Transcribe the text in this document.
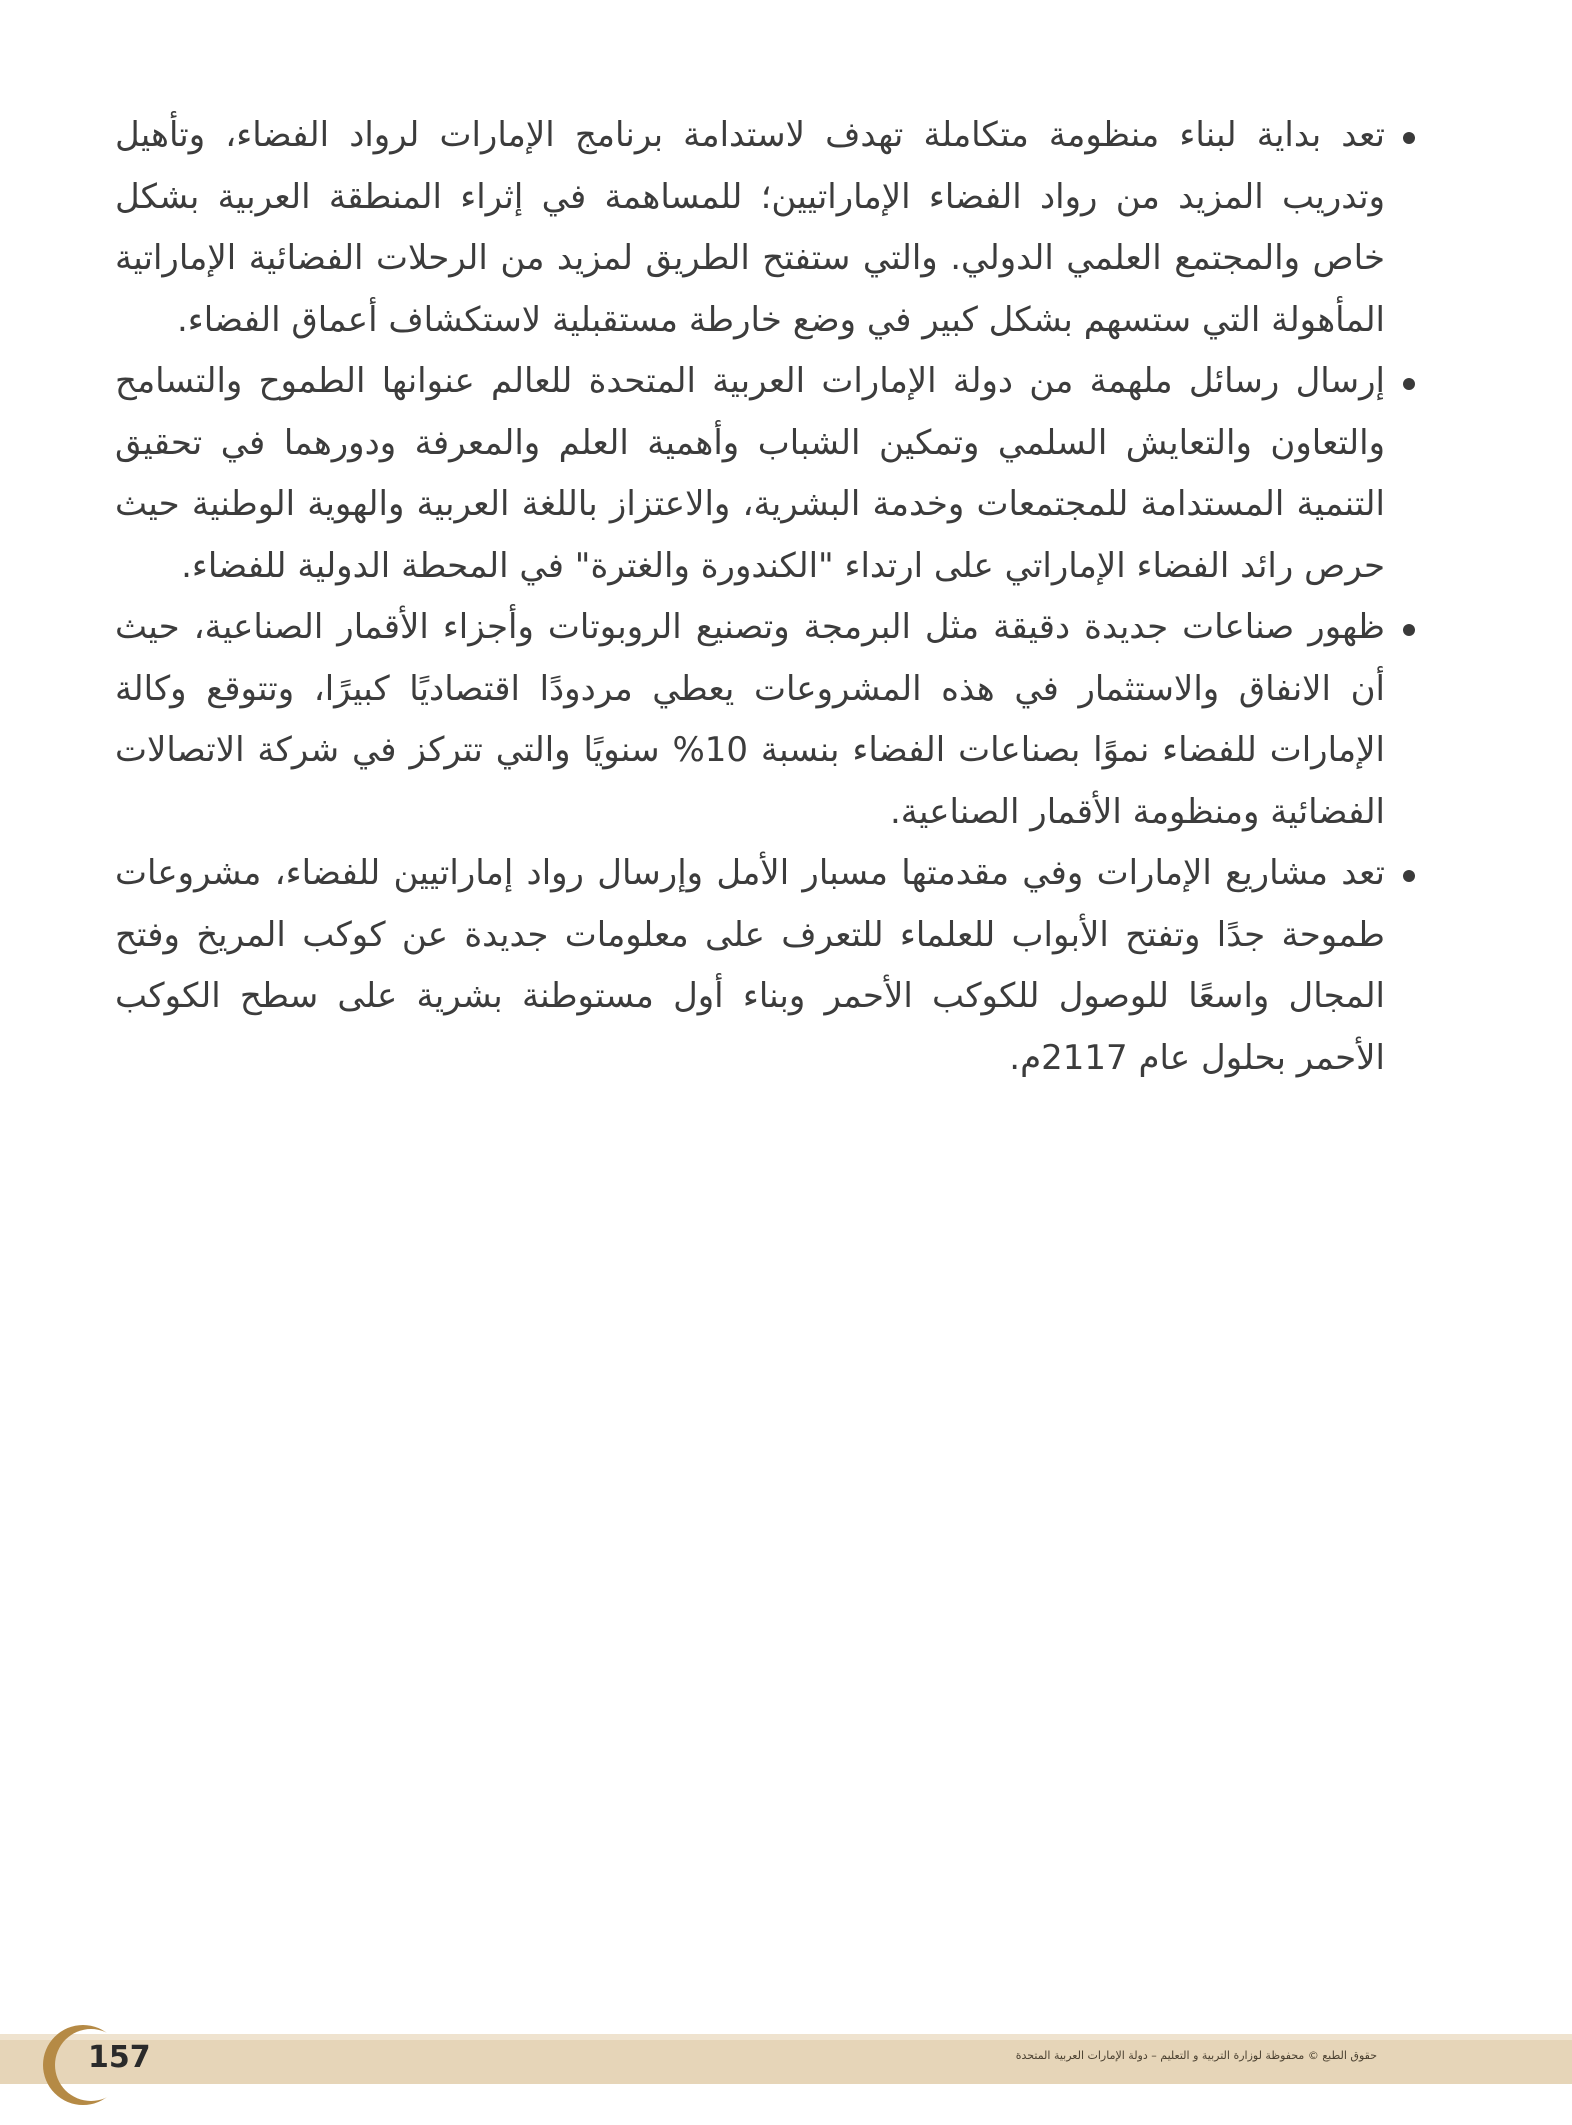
تعد بداية لبناء منظومة متكاملة تهدف لاستدامة برنامج الإمارات لرواد الفضاء، وتأهيل وتدريب المزيد من رواد الفضاء الإماراتيين؛ للمساهمة في إثراء المنطقة العربية بشكل خاص والمجتمع العلمي الدولي. والتي ستفتح الطريق لمزيد من الرحلات الفضائية الإماراتية المأهولة التي ستسهم بشكل كبير في وضع خارطة مستقبلية لاستكشاف أعماق الفضاء.
إرسال رسائل ملهمة من دولة الإمارات العربية المتحدة للعالم عنوانها الطموح والتسامح والتعاون والتعايش السلمي وتمكين الشباب وأهمية العلم والمعرفة ودورهما في تحقيق التنمية المستدامة للمجتمعات وخدمة البشرية، والاعتزاز باللغة العربية والهوية الوطنية حيث حرص رائد الفضاء الإماراتي على ارتداء "الكندورة والغترة" في المحطة الدولية للفضاء.
ظهور صناعات جديدة دقيقة مثل البرمجة وتصنيع الروبوتات وأجزاء الأقمار الصناعية، حيث أن الانفاق والاستثمار في هذه المشروعات يعطي مردودًا اقتصاديًا كبيرًا، وتتوقع وكالة الإمارات للفضاء نموًا بصناعات الفضاء بنسبة 10% سنويًا والتي تتركز في شركة الاتصالات الفضائية ومنظومة الأقمار الصناعية.
تعد مشاريع الإمارات وفي مقدمتها مسبار الأمل وإرسال رواد إماراتيين للفضاء، مشروعات طموحة جدًا وتفتح الأبواب للعلماء للتعرف على معلومات جديدة عن كوكب المريخ وفتح المجال واسعًا للوصول للكوكب الأحمر وبناء أول مستوطنة بشرية على سطح الكوكب الأحمر بحلول عام 2117م.
157	حقوق الطبع © محفوظة لوزارة التربية و التعليم – دولة الإمارات العربية المتحدة
